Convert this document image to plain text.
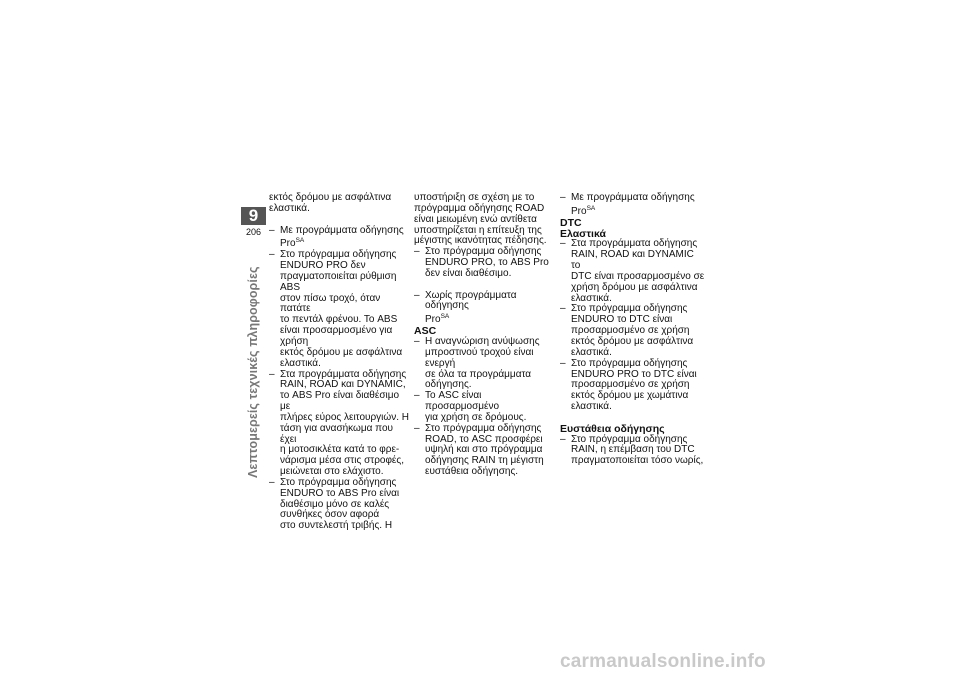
9
206
Λεπτομερείς τεχνικές πληροφορίες

εκτός δρόμου με ασφάλτινα

ελαστικά.

– Με προγράμματα οδήγησης

Pro$^{SA}$

– Στο πρόγραμμα οδήγησης

ENDURO PRO δεν

πραγματοποιείται ρύθμιση ABS

στον πίσω τροχό, όταν πατάτε

το πεντάλ φρένου. Το ABS

είναι προσαρμοσμένο για χρήση

εκτός δρόμου με ασφάλτινα

ελαστικά.

– Στα προγράμματα οδήγησης

RAIN, ROAD και DYNAMIC,

το ABS Pro είναι διαθέσιμο με

πλήρες εύρος λειτουργιών. Η

τάση για ανασήκωμα που έχει

η μοτοσικλέτα κατά το φρε-

νάρισμα μέσα στις στροφές,

μειώνεται στο ελάχιστο.

– Στο πρόγραμμα οδήγησης

ENDURO το ABS Pro είναι

διαθέσιμο μόνο σε καλές

συνθήκες όσον αφορά

στο συντελεστή τριβής. Η

υποστήριξη σε σχέση με το

πρόγραμμα οδήγησης ROAD

είναι μειωμένη ενώ αντίθετα

υποστηρίζεται η επίτευξη της

μέγιστης ικανότητας πέδησης.

– Στο πρόγραμμα οδήγησης

ENDURO PRO, το ABS Pro

δεν είναι διαθέσιμο.

– Χωρίς προγράμματα οδήγησης

Pro$^{SA}$

ASC

– Η αναγνώριση ανύψωσης

μπροστινού τροχού είναι ενεργή

σε όλα τα προγράμματα

οδήγησης.

– Το ASC είναι προσαρμοσμένο

για χρήση σε δρόμους.

– Στο πρόγραμμα οδήγησης

ROAD, το ASC προσφέρει

υψηλή και στο πρόγραμμα

οδήγησης RAIN τη μέγιστη

ευστάθεια οδήγησης.

– Με προγράμματα οδήγησης

Pro$^{SA}$

DTC

Ελαστικά

– Στα προγράμματα οδήγησης

RAIN, ROAD και DYNAMIC το

DTC είναι προσαρμοσμένο σε

χρήση δρόμου με ασφάλτινα

ελαστικά.

– Στο πρόγραμμα οδήγησης

ENDURO το DTC είναι

προσαρμοσμένο σε χρήση

εκτός δρόμου με ασφάλτινα

ελαστικά.

– Στο πρόγραμμα οδήγησης

ENDURO PRO το DTC είναι

προσαρμοσμένο σε χρήση

εκτός δρόμου με χωμάτινα

ελαστικά.

Ευστάθεια οδήγησης

– Στο πρόγραμμα οδήγησης

RAIN, η επέμβαση του DTC

πραγματοποιείται τόσο νωρίς,

carmanualsonline.info
